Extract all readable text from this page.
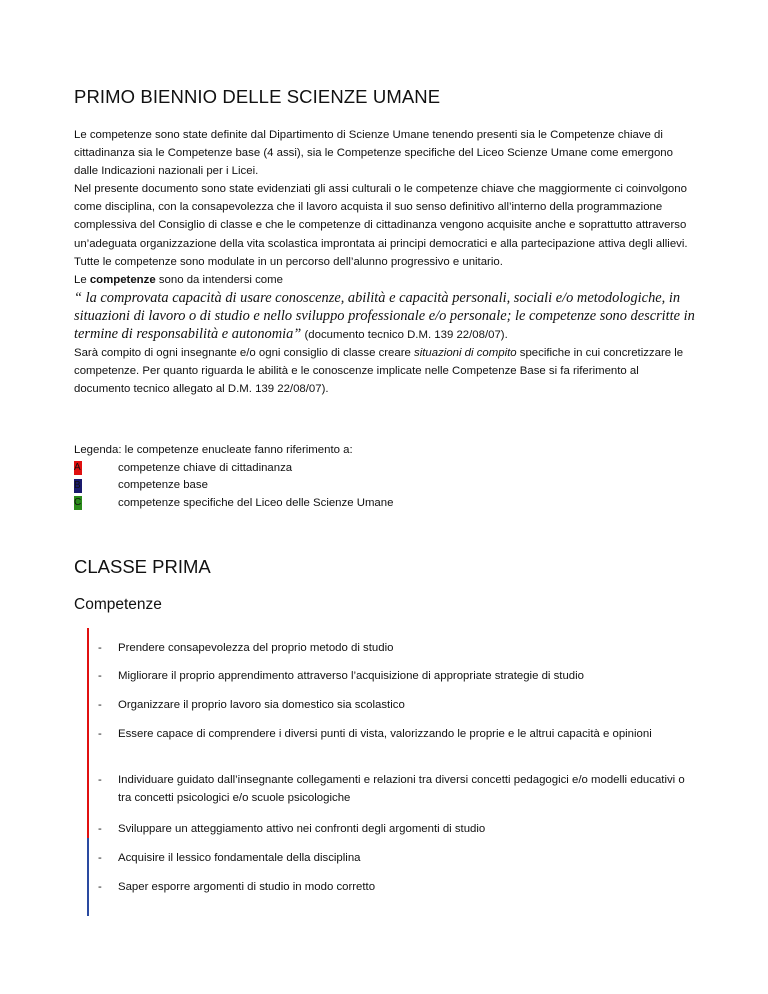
PRIMO BIENNIO DELLE SCIENZE UMANE

Le competenze sono state definite dal Dipartimento di Scienze Umane tenendo presenti sia le Competenze chiave di cittadinanza sia le Competenze base (4 assi), sia le Competenze specifiche del Liceo Scienze Umane come emergono dalle Indicazioni nazionali per i Licei.

Nel presente documento sono state evidenziati gli assi culturali o le competenze chiave che maggiormente ci coinvolgono come disciplina, con la consapevolezza che il lavoro acquista il suo senso definitivo all’interno della programmazione complessiva del Consiglio di classe e che le competenze di cittadinanza vengono acquisite anche e soprattutto attraverso un’adeguata organizzazione della vita scolastica improntata ai principi democratici e alla partecipazione attiva degli allievi.

Tutte le competenze sono modulate in un percorso dell’alunno progressivo e unitario.

Le competenze sono da intendersi come

“ la comprovata capacità di usare conoscenze, abilità e capacità personali, sociali e/o metodologiche, in situazioni di lavoro o di studio e nello sviluppo professionale e/o personale; le competenze sono descritte in termine di responsabilità e autonomia” (documento tecnico D.M. 139 22/08/07).

Sarà compito di ogni insegnante e/o ogni consiglio di classe creare situazioni di compito specifiche in cui concretizzare le competenze. Per quanto riguarda le abilità e le conoscenze implicate nelle Competenze Base si fa riferimento al documento tecnico allegato al D.M. 139 22/08/07).

Legenda: le competenze enucleate fanno riferimento a:

A	competenze chiave di cittadinanza
B	competenze base
C	competenze specifiche del Liceo delle Scienze Umane
CLASSE PRIMA
Competenze
-	Prendere consapevolezza del proprio metodo di studio
-	Migliorare il proprio apprendimento attraverso l’acquisizione di appropriate strategie di studio
-	Organizzare il proprio lavoro sia domestico sia scolastico
-	Essere capace di comprendere i diversi punti di vista, valorizzando le proprie e le altrui capacità e opinioni
-	Individuare guidato dall’insegnante collegamenti e relazioni tra diversi concetti pedagogici e/o modelli educativi o tra concetti psicologici e/o scuole psicologiche
-	Sviluppare un atteggiamento attivo nei confronti degli argomenti di studio
-	Acquisire il lessico fondamentale della disciplina
-	Saper esporre argomenti di studio in modo corretto
